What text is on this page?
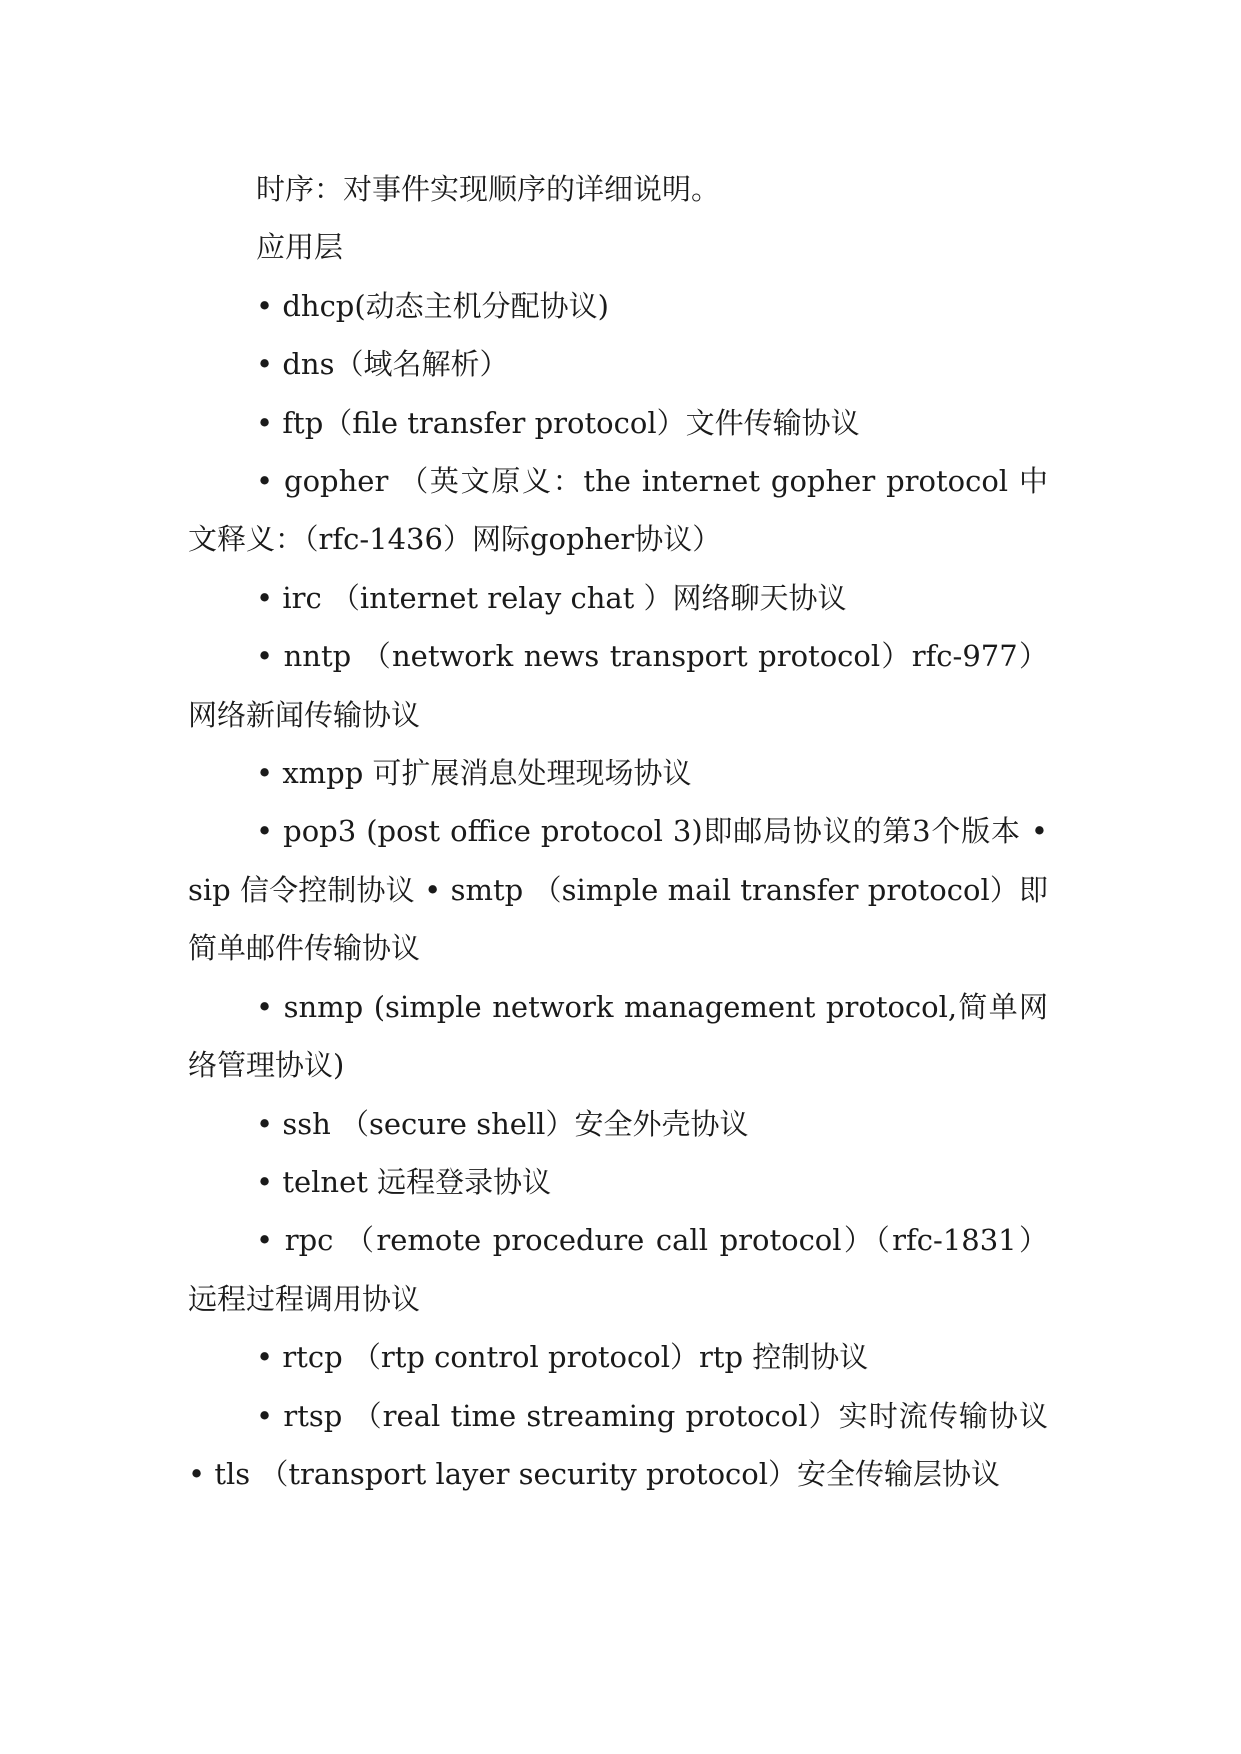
时序：对事件实现顺序的详细说明。

应用层

• dhcp(动态主机分配协议)

• dns（域名解析）

• ftp（file transfer protocol）文件传输协议

• gopher （英文原义：the internet gopher protocol 中文释义：（rfc-1436）网际gopher协议）

• irc （internet relay chat ）网络聊天协议

• nntp （network news transport protocol）rfc-977）网络新闻传输协议

• xmpp 可扩展消息处理现场协议

• pop3 (post office protocol 3)即邮局协议的第3个版本 • sip 信令控制协议 • smtp （simple mail transfer protocol）即简单邮件传输协议

• snmp (simple network management protocol,简单网络管理协议)

• ssh （secure shell）安全外壳协议

• telnet 远程登录协议

• rpc （remote procedure call protocol）（rfc-1831）远程过程调用协议

• rtcp （rtp control protocol）rtp 控制协议

• rtsp （real time streaming protocol）实时流传输协议 • tls （transport layer security protocol）安全传输层协议
